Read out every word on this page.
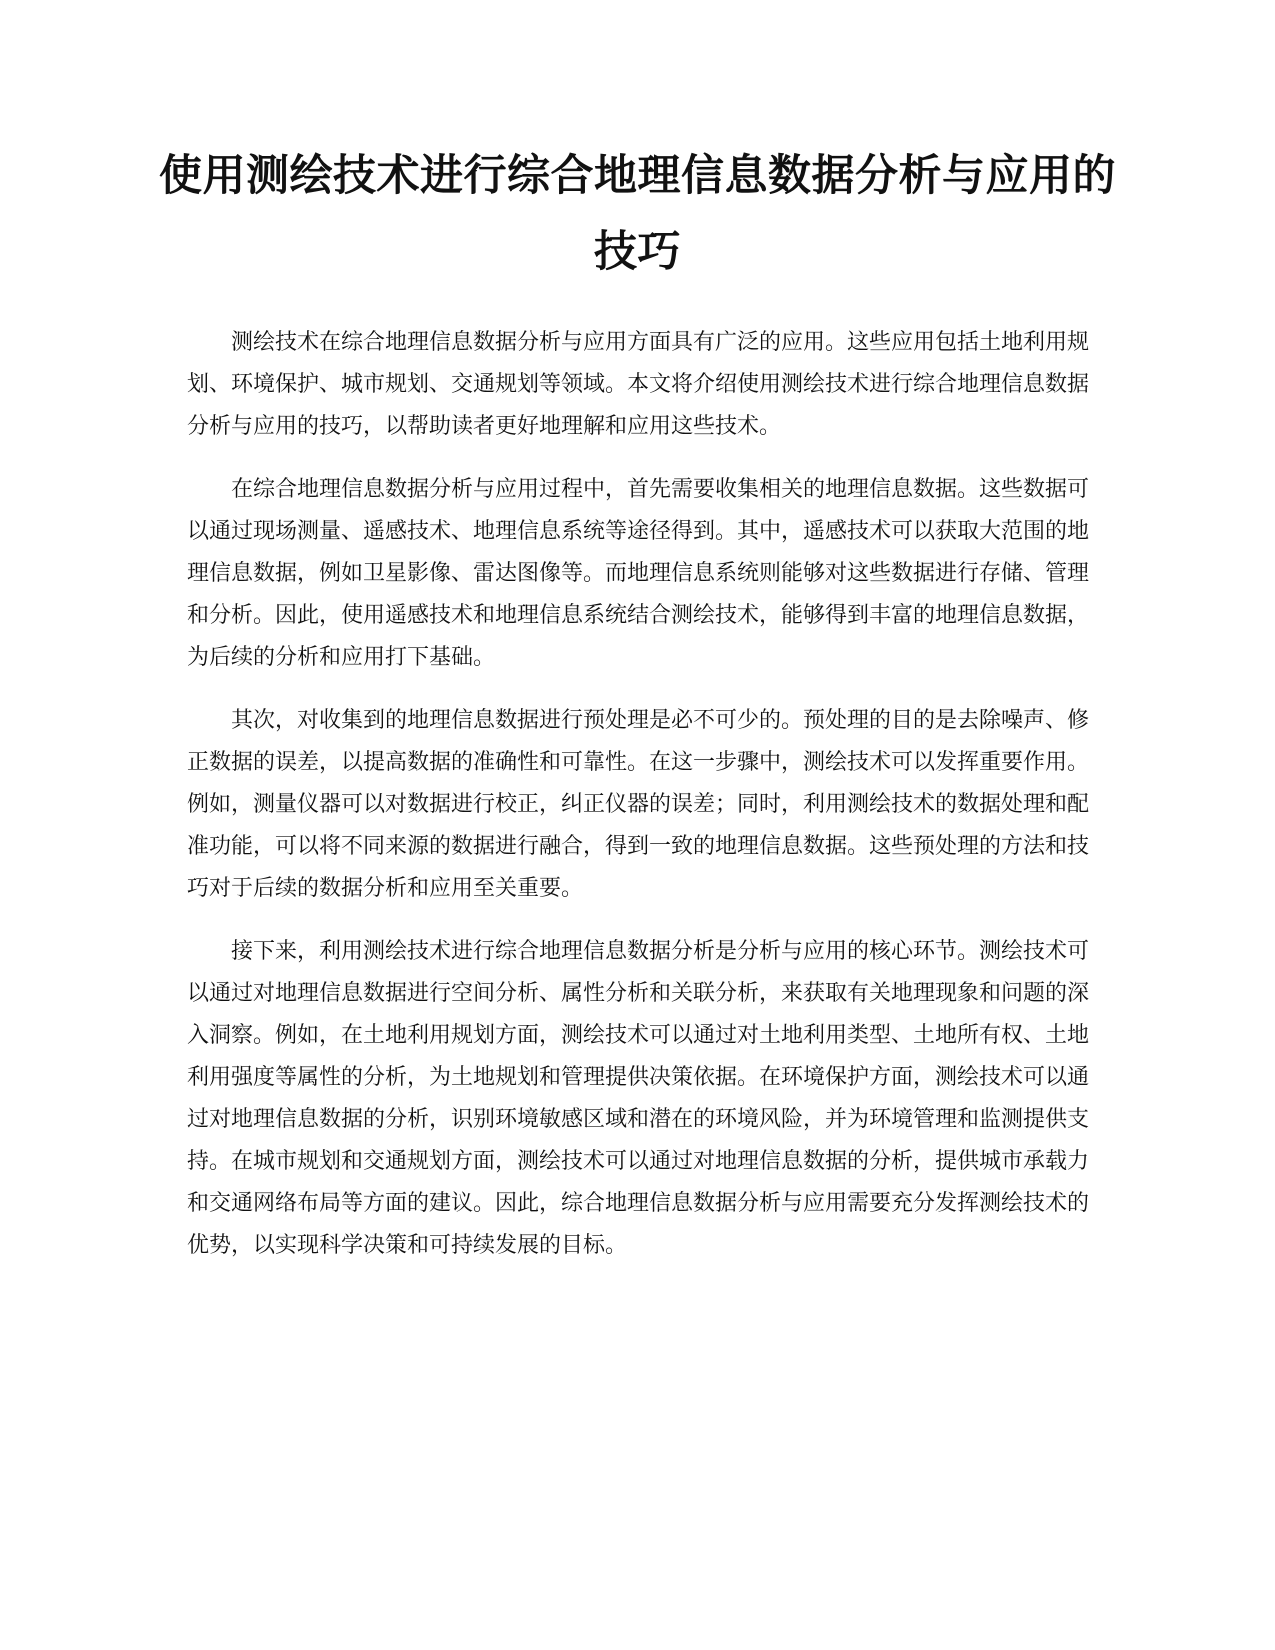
使用测绘技术进行综合地理信息数据分析与应用的技巧

测绘技术在综合地理信息数据分析与应用方面具有广泛的应用。这些应用包括土地利用规划、环境保护、城市规划、交通规划等领域。本文将介绍使用测绘技术进行综合地理信息数据分析与应用的技巧，以帮助读者更好地理解和应用这些技术。

在综合地理信息数据分析与应用过程中，首先需要收集相关的地理信息数据。这些数据可以通过现场测量、遥感技术、地理信息系统等途径得到。其中，遥感技术可以获取大范围的地理信息数据，例如卫星影像、雷达图像等。而地理信息系统则能够对这些数据进行存储、管理和分析。因此，使用遥感技术和地理信息系统结合测绘技术，能够得到丰富的地理信息数据，为后续的分析和应用打下基础。

其次，对收集到的地理信息数据进行预处理是必不可少的。预处理的目的是去除噪声、修正数据的误差，以提高数据的准确性和可靠性。在这一步骤中，测绘技术可以发挥重要作用。例如，测量仪器可以对数据进行校正，纠正仪器的误差；同时，利用测绘技术的数据处理和配准功能，可以将不同来源的数据进行融合，得到一致的地理信息数据。这些预处理的方法和技巧对于后续的数据分析和应用至关重要。

接下来，利用测绘技术进行综合地理信息数据分析是分析与应用的核心环节。测绘技术可以通过对地理信息数据进行空间分析、属性分析和关联分析，来获取有关地理现象和问题的深入洞察。例如，在土地利用规划方面，测绘技术可以通过对土地利用类型、土地所有权、土地利用强度等属性的分析，为土地规划和管理提供决策依据。在环境保护方面，测绘技术可以通过对地理信息数据的分析，识别环境敏感区域和潜在的环境风险，并为环境管理和监测提供支持。在城市规划和交通规划方面，测绘技术可以通过对地理信息数据的分析，提供城市承载力和交通网络布局等方面的建议。因此，综合地理信息数据分析与应用需要充分发挥测绘技术的优势，以实现科学决策和可持续发展的目标。
